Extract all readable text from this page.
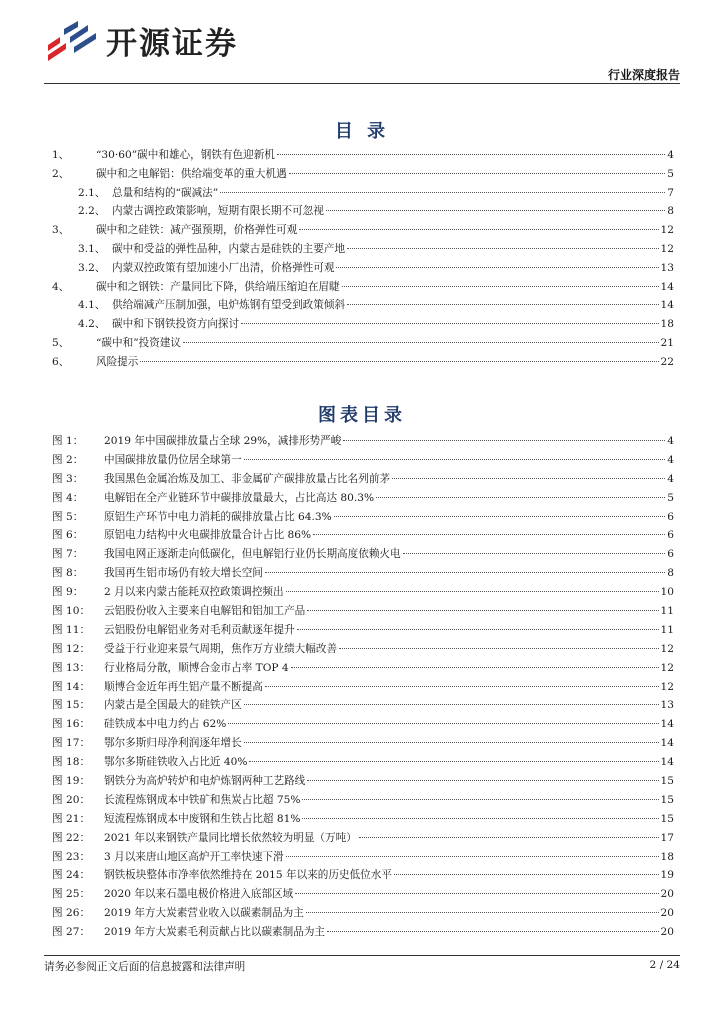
开源证券
行业深度报告
目 录
1、	“30·60”碳中和雄心，钢铁有色迎新机	4
2、	碳中和之电解铝：供给端变革的重大机遇	5
2.1、 总量和结构的“碳减法”	7
2.2、 内蒙古调控政策影响，短期有限长期不可忽视	8
3、	碳中和之硅铁：减产强预期，价格弹性可观	12
3.1、 碳中和受益的弹性品种，内蒙古是硅铁的主要产地	12
3.2、 内蒙双控政策有望加速小厂出清，价格弹性可观	13
4、	碳中和之钢铁：产量同比下降，供给端压缩迫在眉睫	14
4.1、 供给端减产压制加强，电炉炼钢有望受到政策倾斜	14
4.2、 碳中和下钢铁投资方向探讨	18
5、	“碳中和”投资建议	21
6、	风险提示	22
图表目录
图 1：	2019 年中国碳排放量占全球 29%，减排形势严峻	4
图 2：	中国碳排放量仍位居全球第一	4
图 3：	我国黑色金属冶炼及加工、非金属矿产碳排放量占比名列前茅	4
图 4：	电解铝在全产业链环节中碳排放量最大，占比高达 80.3%	5
图 5：	原铝生产环节中电力消耗的碳排放量占比 64.3%	6
图 6：	原铝电力结构中火电碳排放量合计占比 86%	6
图 7：	我国电网正逐渐走向低碳化，但电解铝行业仍长期高度依赖火电	6
图 8：	我国再生铝市场仍有较大增长空间	8
图 9：	2 月以来内蒙古能耗双控政策调控频出	10
图 10：	云铝股份收入主要来自电解铝和铝加工产品	11
图 11：	云铝股份电解铝业务对毛利贡献逐年提升	11
图 12：	受益于行业迎来景气周期，焦作万方业绩大幅改善	12
图 13：	行业格局分散，顺博合金市占率 TOP 4	12
图 14：	顺博合金近年再生铝产量不断提高	12
图 15：	内蒙古是全国最大的硅铁产区	13
图 16：	硅铁成本中电力约占 62%	14
图 17：	鄂尔多斯归母净利润逐年增长	14
图 18：	鄂尔多斯硅铁收入占比近 40%	14
图 19：	钢铁分为高炉转炉和电炉炼钢两种工艺路线	15
图 20：	长流程炼钢成本中铁矿和焦炭占比超 75%	15
图 21：	短流程炼钢成本中废钢和生铁占比超 81%	15
图 22：	2021 年以来钢铁产量同比增长依然较为明显（万吨）	17
图 23：	3 月以来唐山地区高炉开工率快速下滑	18
图 24：	钢铁板块整体市净率依然维持在 2015 年以来的历史低位水平	19
图 25：	2020 年以来石墨电极价格进入底部区域	20
图 26：	2019 年方大炭素营业收入以碳素制品为主	20
图 27：	2019 年方大炭素毛利贡献占比以碳素制品为主	20
请务必参阅正文后面的信息披露和法律声明	2 / 24
